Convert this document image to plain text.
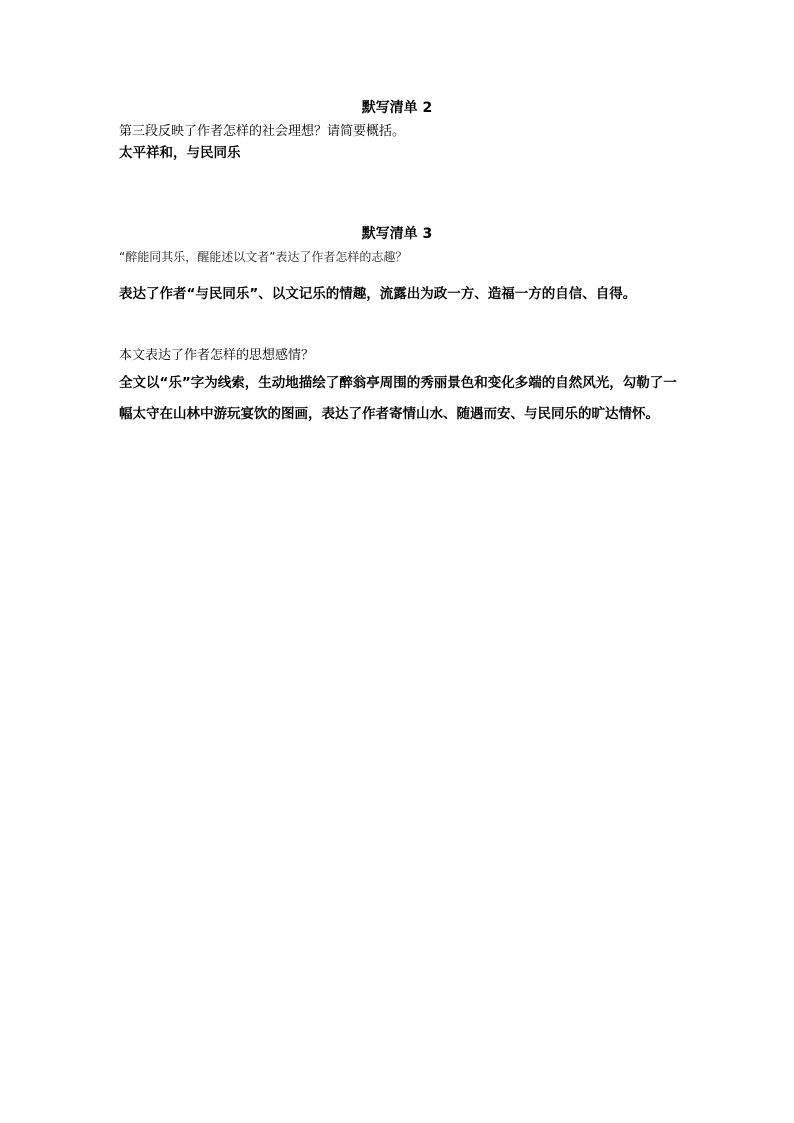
默写清单 2
第三段反映了作者怎样的社会理想？请简要概括。
太平祥和，与民同乐
默写清单 3
“醉能同其乐，醒能述以文者”表达了作者怎样的志趣？
表达了作者“与民同乐”、以文记乐的情趣，流露出为政一方、造福一方的自信、自得。
本文表达了作者怎样的思想感情？
全文以“乐”字为线索，生动地描绘了醉翁亭周围的秀丽景色和变化多端的自然风光，勾勒了一幅太守在山林中游玩宴饮的图画，表达了作者寄情山水、随遇而安、与民同乐的旷达情怀。
